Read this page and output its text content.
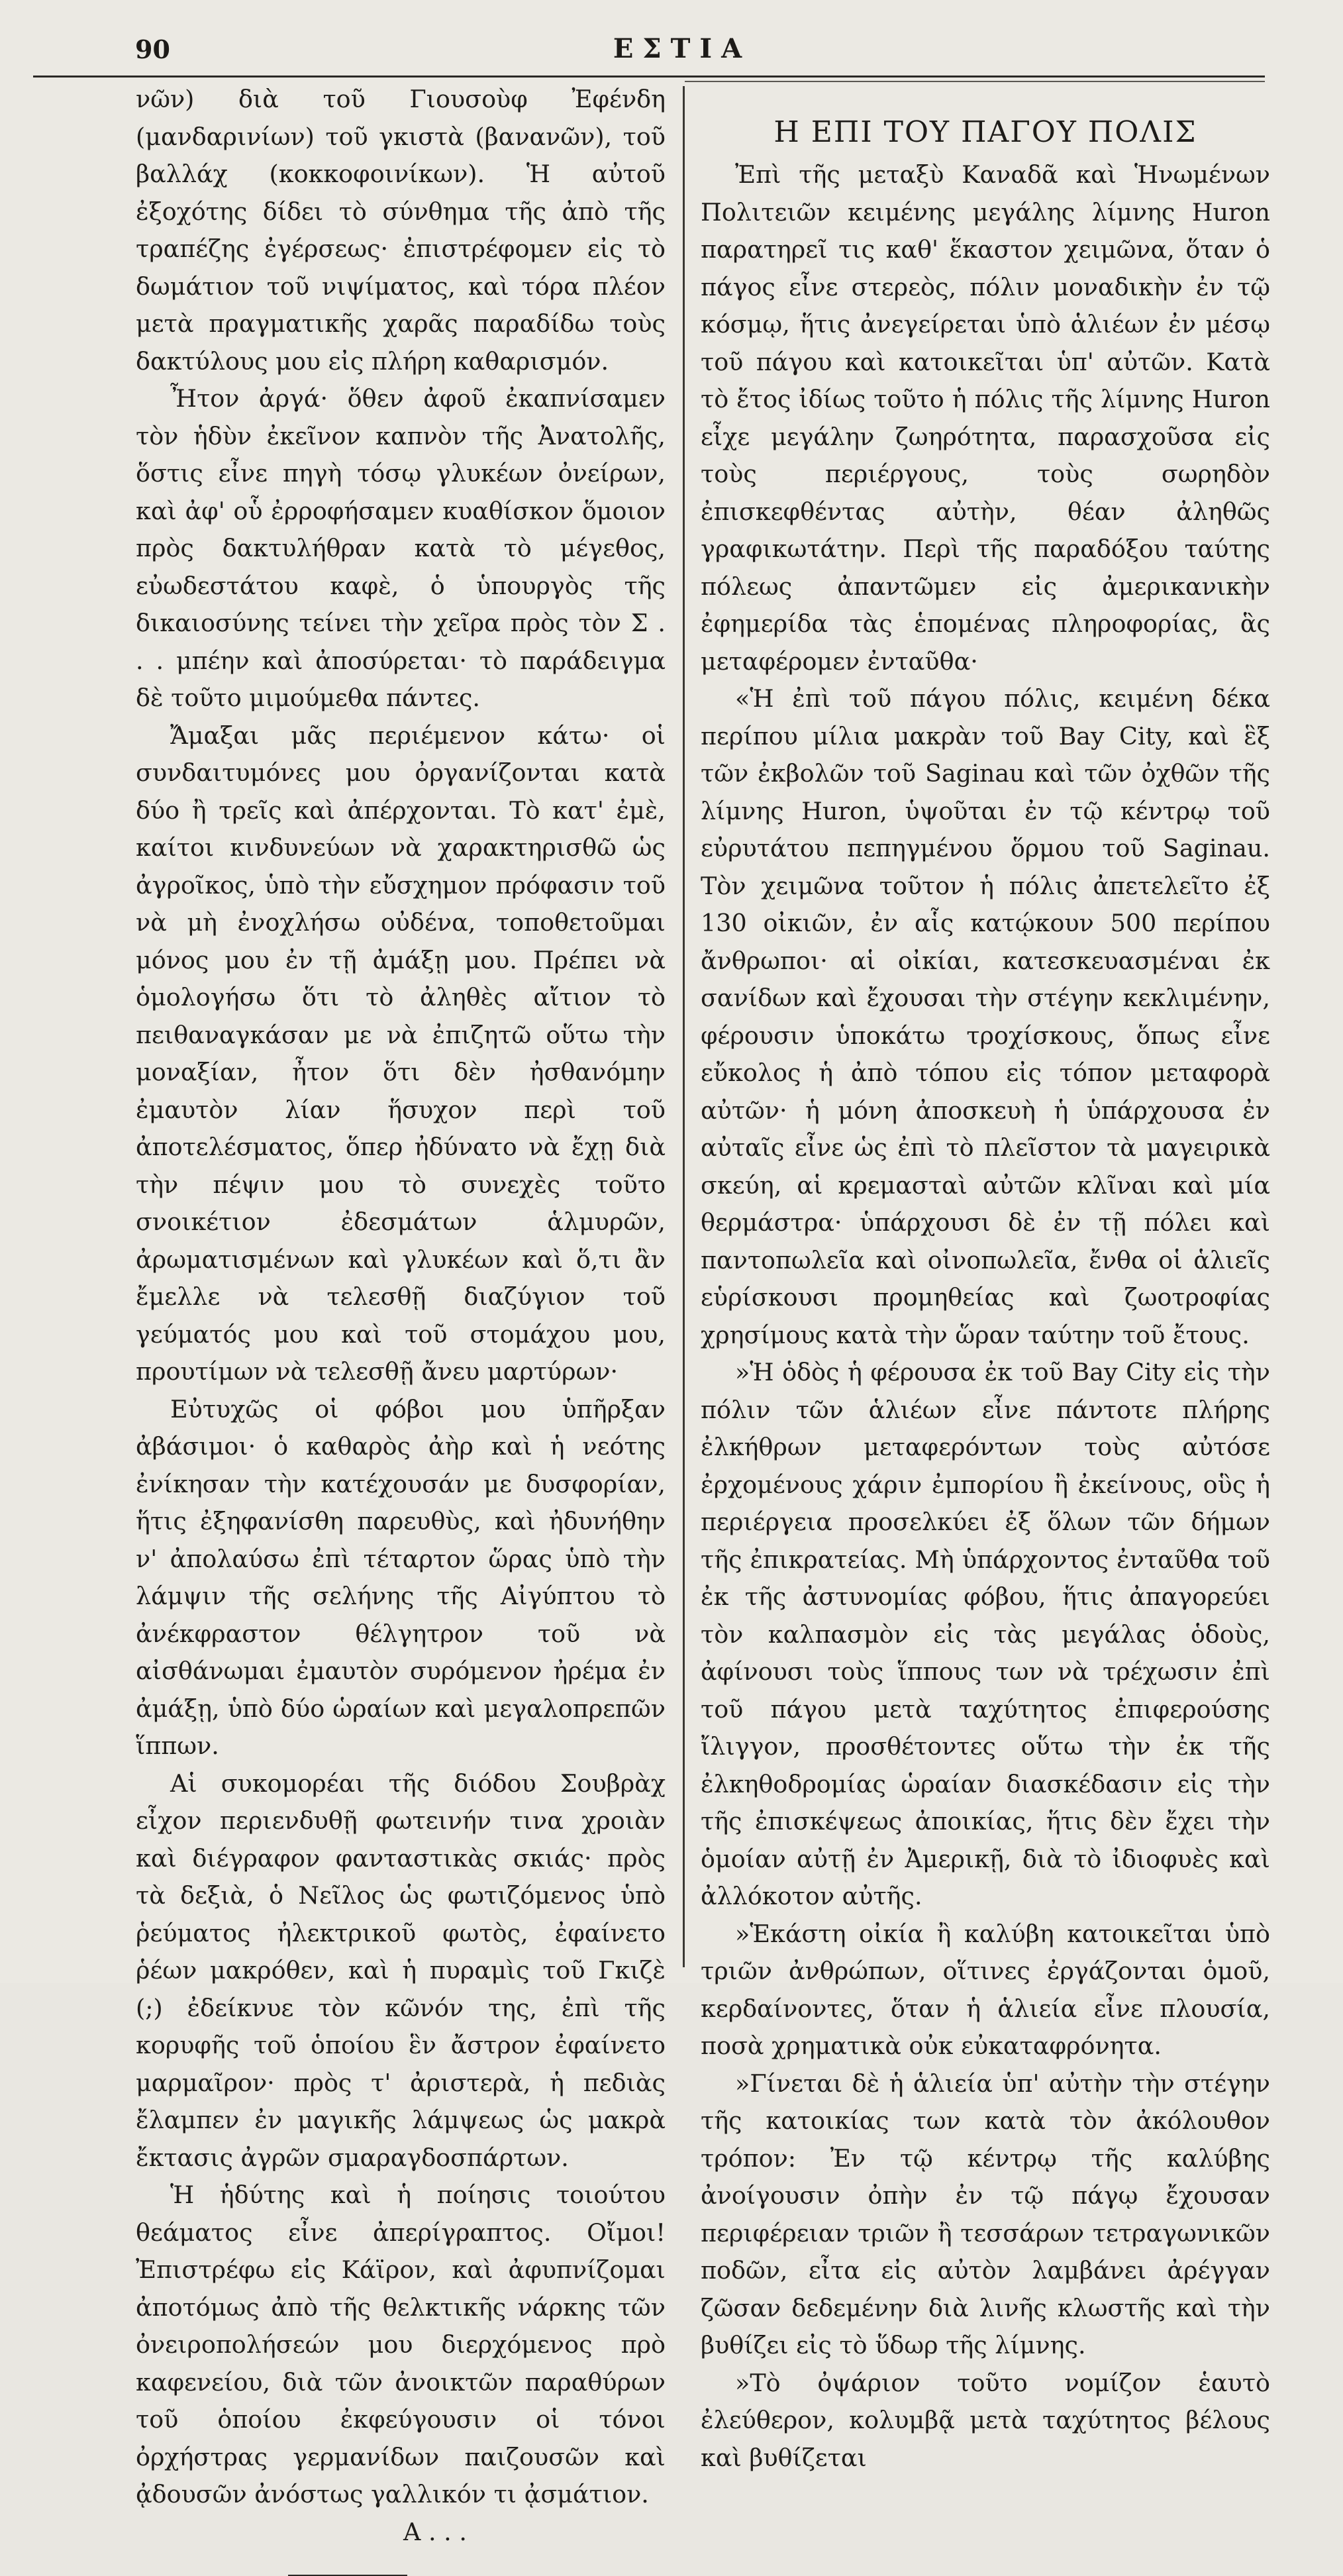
90	ΕΣΤΙΑ

νῶν) διὰ τοῦ Γιουσοὺφ Ἐφένδη (μανδαρινίων) τοῦ γκιστὰ (βανανῶν), τοῦ βαλλάχ (κοκκοφοινίκων). Ἡ αὐτοῦ ἐξοχότης δίδει τὸ σύνθημα τῆς ἀπὸ τῆς τραπέζης ἐγέρσεως· ἐπιστρέφομεν εἰς τὸ δωμάτιον τοῦ νιψίματος, καὶ τόρα πλέον μετὰ πραγματικῆς χαρᾶς παραδίδω τοὺς δακτύλους μου εἰς πλήρη καθαρισμόν.

Ἦτον ἀργά· ὅθεν ἀφοῦ ἐκαπνίσαμεν τὸν ἡδὺν ἐκεῖνον καπνὸν τῆς Ἀνατολῆς, ὅστις εἶνε πηγὴ τόσῳ γλυκέων ὀνείρων, καὶ ἀφ' οὗ ἐρροφήσαμεν κυαθίσκον ὅμοιον πρὸς δακτυλήθραν κατὰ τὸ μέγεθος, εὐωδεστάτου καφὲ, ὁ ὑπουργὸς τῆς δικαιοσύνης τείνει τὴν χεῖρα πρὸς τὸν Σ . . . μπέην καὶ ἀποσύρεται· τὸ παράδειγμα δὲ τοῦτο μιμούμεθα πάντες.

Ἄμαξαι μᾶς περιέμενον κάτω· οἱ συνδαιτυμόνες μου ὀργανίζονται κατὰ δύο ἢ τρεῖς καὶ ἀπέρχονται. Τὸ κατ' ἐμὲ, καίτοι κινδυνεύων νὰ χαρακτηρισθῶ ὡς ἀγροῖκος, ὑπὸ τὴν εὔσχημον πρόφασιν τοῦ νὰ μὴ ἐνοχλήσω οὐδένα, τοποθετοῦμαι μόνος μου ἐν τῇ ἀμάξῃ μου. Πρέπει νὰ ὁμολογήσω ὅτι τὸ ἀληθὲς αἴτιον τὸ πειθαναγκάσαν με νὰ ἐπιζητῶ οὕτω τὴν μοναξίαν, ἦτον ὅτι δὲν ἠσθανόμην ἐμαυτὸν λίαν ἥσυχον περὶ τοῦ ἀποτελέσματος, ὅπερ ἠδύνατο νὰ ἔχῃ διὰ τὴν πέψιν μου τὸ συνεχὲς τοῦτο σνοικέτιον ἐδεσμάτων ἁλμυρῶν, ἀρωματισμένων καὶ γλυκέων καὶ ὅ,τι ἂν ἔμελλε νὰ τελεσθῇ διαζύγιον τοῦ γεύματός μου καὶ τοῦ στομάχου μου, προυτίμων νὰ τελεσθῇ ἄνευ μαρτύρων·

Εὐτυχῶς οἱ φόβοι μου ὑπῆρξαν ἀβάσιμοι· ὁ καθαρὸς ἀὴρ καὶ ἡ νεότης ἐνίκησαν τὴν κατέχουσάν με δυσφορίαν, ἥτις ἐξηφανίσθη παρευθὺς, καὶ ἠδυνήθην ν' ἀπολαύσω ἐπὶ τέταρτον ὥρας ὑπὸ τὴν λάμψιν τῆς σελήνης τῆς Αἰγύπτου τὸ ἀνέκφραστον θέλγητρον τοῦ νὰ αἰσθάνωμαι ἐμαυτὸν συρόμενον ἠρέμα ἐν ἀμάξῃ, ὑπὸ δύο ὡραίων καὶ μεγαλοπρεπῶν ἵππων.

Αἱ συκομορέαι τῆς διόδου Σουβρὰχ εἶχον περιενδυθῇ φωτεινήν τινα χροιὰν καὶ διέγραφον φανταστικὰς σκιάς· πρὸς τὰ δεξιὰ, ὁ Νεῖλος ὡς φωτιζόμενος ὑπὸ ῥεύματος ἠλεκτρικοῦ φωτὸς, ἐφαίνετο ῥέων μακρόθεν, καὶ ἡ πυραμὶς τοῦ Γκιζὲ (;) ἐδείκνυε τὸν κῶνόν της, ἐπὶ τῆς κορυφῆς τοῦ ὁποίου ἓν ἄστρον ἐφαίνετο μαρμαῖρον· πρὸς τ' ἀριστερὰ, ἡ πεδιὰς ἔλαμπεν ἐν μαγικῆς λάμψεως ὡς μακρὰ ἔκτασις ἀγρῶν σμαραγδοσπάρτων.

Ἡ ἡδύτης καὶ ἡ ποίησις τοιούτου θεάματος εἶνε ἀπερίγραπτος. Οἴμοι! Ἐπιστρέφω εἰς Κάϊρον, καὶ ἀφυπνίζομαι ἀποτόμως ἀπὸ τῆς θελκτικῆς νάρκης τῶν ὀνειροπολήσεών μου διερχόμενος πρὸ καφενείου, διὰ τῶν ἀνοικτῶν παραθύρων τοῦ ὁποίου ἐκφεύγουσιν οἱ τόνοι ὀρχήστρας γερμανίδων παιζουσῶν καὶ ᾀδουσῶν ἀνόστως γαλλικόν τι ᾀσμάτιον.

Α . . .

Η ΕΠΙ ΤΟΥ ΠΑΓΟΥ ΠΟΛΙΣ

Ἐπὶ τῆς μεταξὺ Καναδᾶ καὶ Ἡνωμένων Πολιτειῶν κειμένης μεγάλης λίμνης Huron παρατηρεῖ τις καθ' ἕκαστον χειμῶνα, ὅταν ὁ πάγος εἶνε στερεὸς, πόλιν μοναδικὴν ἐν τῷ κόσμῳ, ἥτις ἀνεγείρεται ὑπὸ ἁλιέων ἐν μέσῳ τοῦ πάγου καὶ κατοικεῖται ὑπ' αὐτῶν. Κατὰ τὸ ἔτος ἰδίως τοῦτο ἡ πόλις τῆς λίμνης Huron εἶχε μεγάλην ζωηρότητα, παρασχοῦσα εἰς τοὺς περιέργους, τοὺς σωρηδὸν ἐπισκεφθέντας αὐτὴν, θέαν ἀληθῶς γραφικωτάτην. Περὶ τῆς παραδόξου ταύτης πόλεως ἀπαντῶμεν εἰς ἀμερικανικὴν ἐφημερίδα τὰς ἑπομένας πληροφορίας, ἃς μεταφέρομεν ἐνταῦθα·

«Ἡ ἐπὶ τοῦ πάγου πόλις, κειμένη δέκα περίπου μίλια μακρὰν τοῦ Bay City, καὶ ἓξ τῶν ἐκβολῶν τοῦ Saginau καὶ τῶν ὀχθῶν τῆς λίμνης Huron, ὑψοῦται ἐν τῷ κέντρῳ τοῦ εὐρυτάτου πεπηγμένου ὅρμου τοῦ Saginau. Τὸν χειμῶνα τοῦτον ἡ πόλις ἀπετελεῖτο ἐξ 130 οἰκιῶν, ἐν αἷς κατῴκουν 500 περίπου ἄνθρωποι· αἱ οἰκίαι, κατεσκευασμέναι ἐκ σανίδων καὶ ἔχουσαι τὴν στέγην κεκλιμένην, φέρουσιν ὑποκάτω τροχίσκους, ὅπως εἶνε εὔκολος ἡ ἀπὸ τόπου εἰς τόπον μεταφορὰ αὐτῶν· ἡ μόνη ἀποσκευὴ ἡ ὑπάρχουσα ἐν αὐταῖς εἶνε ὡς ἐπὶ τὸ πλεῖστον τὰ μαγειρικὰ σκεύη, αἱ κρεμασταὶ αὐτῶν κλῖναι καὶ μία θερμάστρα· ὑπάρχουσι δὲ ἐν τῇ πόλει καὶ παντοπωλεῖα καὶ οἰνοπωλεῖα, ἔνθα οἱ ἁλιεῖς εὑρίσκουσι προμηθείας καὶ ζωοτροφίας χρησίμους κατὰ τὴν ὥραν ταύτην τοῦ ἔτους.

»Ἡ ὁδὸς ἡ φέρουσα ἐκ τοῦ Bay City εἰς τὴν πόλιν τῶν ἁλιέων εἶνε πάντοτε πλήρης ἐλκήθρων μεταφερόντων τοὺς αὐτόσε ἐρχομένους χάριν ἐμπορίου ἢ ἐκείνους, οὓς ἡ περιέργεια προσελκύει ἐξ ὅλων τῶν δήμων τῆς ἐπικρατείας. Μὴ ὑπάρχοντος ἐνταῦθα τοῦ ἐκ τῆς ἀστυνομίας φόβου, ἥτις ἀπαγορεύει τὸν καλπασμὸν εἰς τὰς μεγάλας ὁδοὺς, ἀφίνουσι τοὺς ἵππους των νὰ τρέχωσιν ἐπὶ τοῦ πάγου μετὰ ταχύτητος ἐπιφερούσης ἴλιγγον, προσθέτοντες οὕτω τὴν ἐκ τῆς ἐλκηθοδρομίας ὡραίαν διασκέδασιν εἰς τὴν τῆς ἐπισκέψεως ἀποικίας, ἥτις δὲν ἔχει τὴν ὁμοίαν αὐτῇ ἐν Ἀμερικῇ, διὰ τὸ ἰδιοφυὲς καὶ ἀλλόκοτον αὐτῆς.

»Ἑκάστη οἰκία ἢ καλύβη κατοικεῖται ὑπὸ τριῶν ἀνθρώπων, οἵτινες ἐργάζονται ὁμοῦ, κερδαίνοντες, ὅταν ἡ ἁλιεία εἶνε πλουσία, ποσὰ χρηματικὰ οὐκ εὐκαταφρόνητα.

»Γίνεται δὲ ἡ ἁλιεία ὑπ' αὐτὴν τὴν στέγην τῆς κατοικίας των κατὰ τὸν ἀκόλουθον τρόπον: Ἐν τῷ κέντρῳ τῆς καλύβης ἀνοίγουσιν ὀπὴν ἐν τῷ πάγῳ ἔχουσαν περιφέρειαν τριῶν ἢ τεσσάρων τετραγωνικῶν ποδῶν, εἶτα εἰς αὐτὸν λαμβάνει ἀρέγγαν ζῶσαν δεδεμένην διὰ λινῆς κλωστῆς καὶ τὴν βυθίζει εἰς τὸ ὕδωρ τῆς λίμνης.

»Τὸ ὀψάριον τοῦτο νομίζον ἑαυτὸ ἐλεύθερον, κολυμβᾷ μετὰ ταχύτητος βέλους καὶ βυθίζεται
